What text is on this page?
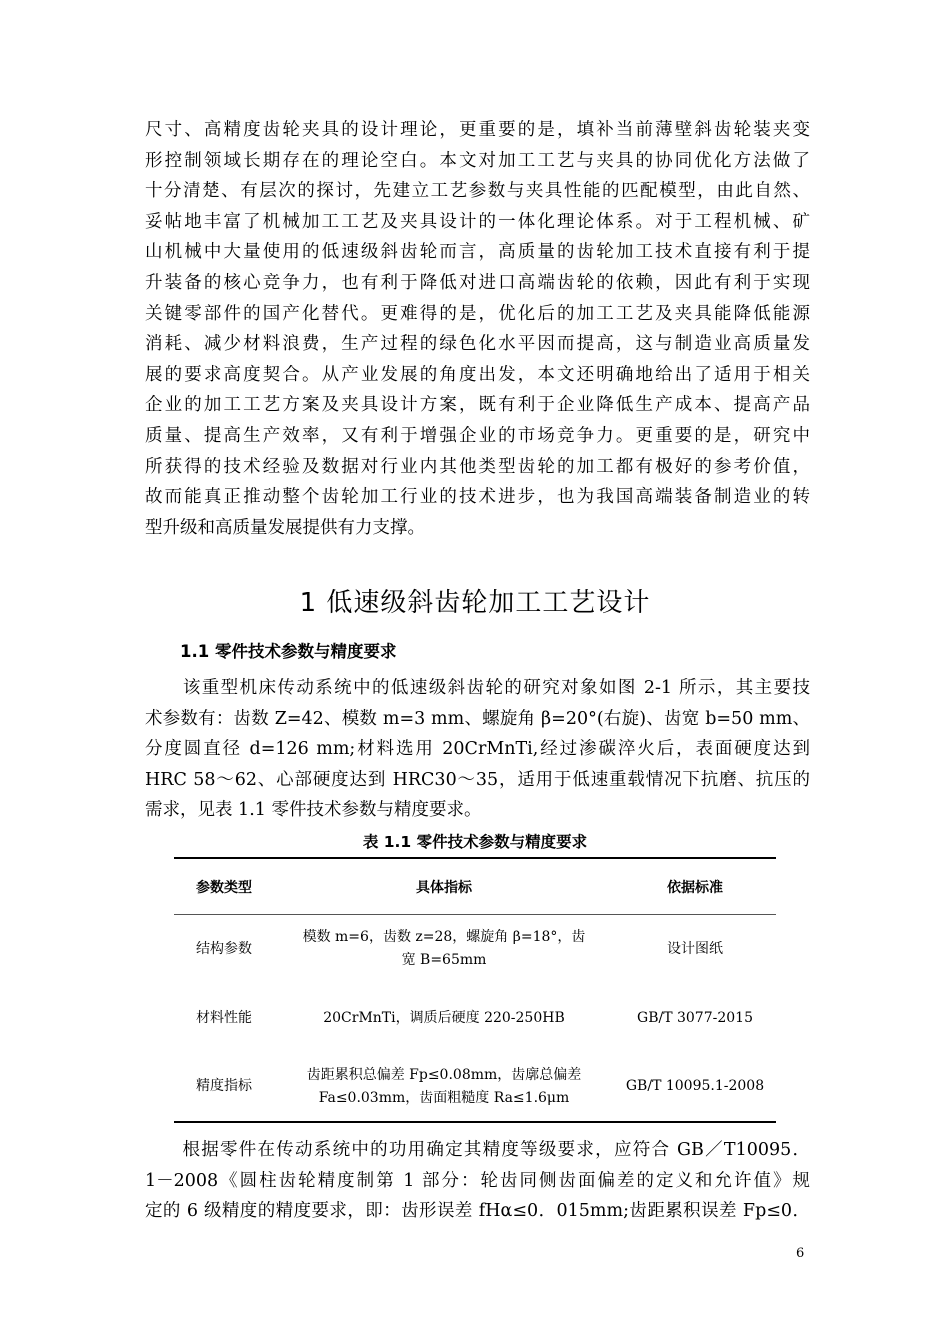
尺寸、高精度齿轮夹具的设计理论，更重要的是，填补当前薄壁斜齿轮装夹变
形控制领域长期存在的理论空白。本文对加工工艺与夹具的协同优化方法做了
十分清楚、有层次的探讨，先建立工艺参数与夹具性能的匹配模型，由此自然、
妥帖地丰富了机械加工工艺及夹具设计的一体化理论体系。对于工程机械、矿
山机械中大量使用的低速级斜齿轮而言，高质量的齿轮加工技术直接有利于提
升装备的核心竞争力，也有利于降低对进口高端齿轮的依赖，因此有利于实现
关键零部件的国产化替代。更难得的是，优化后的加工工艺及夹具能降低能源
消耗、减少材料浪费，生产过程的绿色化水平因而提高，这与制造业高质量发
展的要求高度契合。从产业发展的角度出发，本文还明确地给出了适用于相关
企业的加工工艺方案及夹具设计方案，既有利于企业降低生产成本、提高产品
质量、提高生产效率，又有利于增强企业的市场竞争力。更重要的是，研究中
所获得的技术经验及数据对行业内其他类型齿轮的加工都有极好的参考价值，
故而能真正推动整个齿轮加工行业的技术进步，也为我国高端装备制造业的转
型升级和高质量发展提供有力支撑。
1 低速级斜齿轮加工工艺设计
1.1 零件技术参数与精度要求
　　该重型机床传动系统中的低速级斜齿轮的研究对象如图 2-1 所示，其主要技
术参数有：齿数 Z=42、模数 m=3 mm、螺旋角 β=20°(右旋)、齿宽 b=50 mm、
分度圆直径 d=126 mm;材料选用 20CrMnTi,经过渗碳淬火后，表面硬度达到
HRC 58～62、心部硬度达到 HRC30～35，适用于低速重载情况下抗磨、抗压的
需求，见表 1.1 零件技术参数与精度要求。
表 1.1 零件技术参数与精度要求
参数类型	具体指标	依据标准
结构参数	模数 m=6，齿数 z=28，螺旋角 β=18°，齿
宽 B=65mm	设计图纸
材料性能	20CrMnTi，调质后硬度 220-250HB	GB/T 3077-2015
精度指标	齿距累积总偏差 Fp≤0.08mm，齿廓总偏差
Fa≤0.03mm，齿面粗糙度 Ra≤1.6μm	GB/T 10095.1-2008
　　根据零件在传动系统中的功用确定其精度等级要求，应符合 GB／T10095．
1－2008《圆柱齿轮精度制第 1 部分：轮齿同侧齿面偏差的定义和允许值》规
定的 6 级精度的精度要求，即：齿形误差 fHα≤0．015mm;齿距累积误差 Fp≤0．
6
